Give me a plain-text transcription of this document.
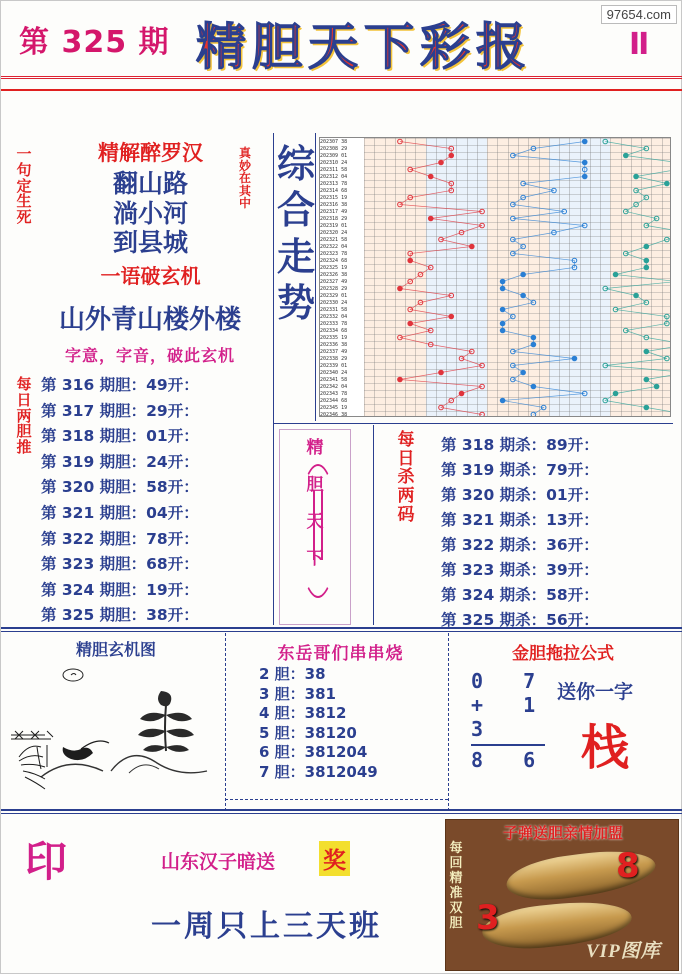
第 325 期 精胆天下彩报	II
97654.com
一句定生死
每日两胆推
精解醉罗汉
翻山路
淌小河
到县城
一语破玄机
真妙在其中
山外青山楼外楼
字意，字音，破此玄机
综合走势
第 316 期胆：49开：
第 317 期胆：29开：
第 318 期胆：01开：
第 319 期胆：24开：
第 320 期胆：58开：
第 321 期胆：04开：
第 322 期胆：78开：
第 323 期胆：68开：
第 324 期胆：19开：
第 325 期胆：38开：
202307 38
202308 29
202309 01
202310 24
202311 58
202312 04
202313 78
202314 68
202315 19
202316 38
202317 49
202318 29
202319 01
202320 24
202321 58
202322 04
202323 78
202324 68
202325 19
202326 38
202327 49
202328 29
202329 01
202330 24
202331 58
202332 04
202333 78
202334 68
202335 19
202336 38
202337 49
202338 29
202339 01
202340 24
202341 58
202342 04
202343 78
202344 68
202345 19
202346 38
精
胆
天
下
每日杀两码
第 318 期杀：89开：
第 319 期杀：79开：
第 320 期杀：01开：
第 321 期杀：13开：
第 322 期杀：36开：
第 323 期杀：39开：
第 324 期杀：58开：
第 325 期杀：56开：
精胆玄机图	东岳哥们串串烧	金胆拖拉公式
2 胆：38
3 胆：381
4 胆：3812
5 胆：38120
6 胆：381204
7 胆：3812049
0 7
+ 1 3
8 6
送你一字
栈
印	山东汉子暗送 奖
一周只上三天班
子弹送胆亲情加盟
每回精准双胆 3
8
VIP图库
